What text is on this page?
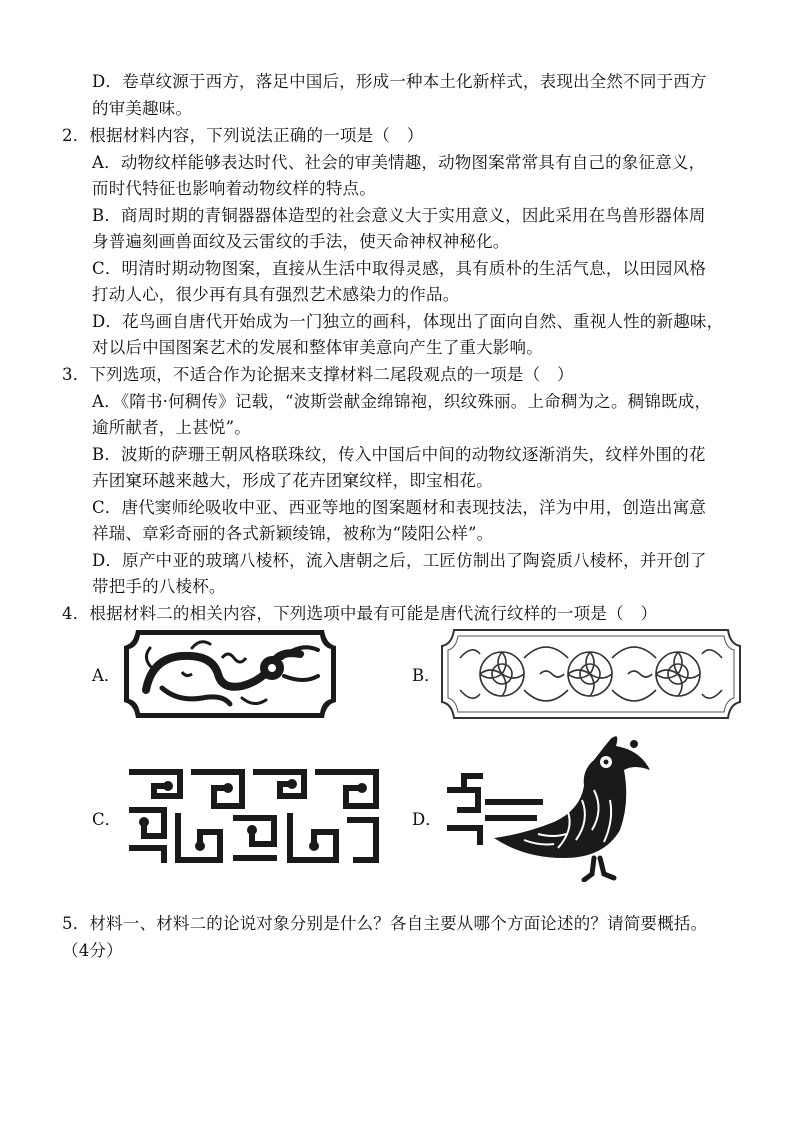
D．卷草纹源于西方，落足中国后，形成一种本土化新样式，表现出全然不同于西方
的审美趣味。
2．根据材料内容，下列说法正确的一项是（　）
A．动物纹样能够表达时代、社会的审美情趣，动物图案常常具有自己的象征意义，
而时代特征也影响着动物纹样的特点。
B．商周时期的青铜器器体造型的社会意义大于实用意义，因此采用在鸟兽形器体周
身普遍刻画兽面纹及云雷纹的手法，使天命神权神秘化。
C．明清时期动物图案，直接从生活中取得灵感，具有质朴的生活气息，以田园风格
打动人心，很少再有具有强烈艺术感染力的作品。
D．花鸟画自唐代开始成为一门独立的画科，体现出了面向自然、重视人性的新趣味，
对以后中国图案艺术的发展和整体审美意向产生了重大影响。
3．下列选项，不适合作为论据来支撑材料二尾段观点的一项是（　）
A．《隋书·何稠传》记载，“波斯尝献金绵锦袍，织纹殊丽。上命稠为之。稠锦既成，
逾所献者，上甚悦”。
B．波斯的萨珊王朝风格联珠纹，传入中国后中间的动物纹逐渐消失，纹样外围的花
卉团窠环越来越大，形成了花卉团窠纹样，即宝相花。
C．唐代窦师纶吸收中亚、西亚等地的图案题材和表现技法，洋为中用，创造出寓意
祥瑞、章彩奇丽的各式新颖绫锦，被称为“陵阳公样”。
D．原产中亚的玻璃八棱杯，流入唐朝之后，工匠仿制出了陶瓷质八棱杯，并开创了
带把手的八棱杯。
4．根据材料二的相关内容，下列选项中最有可能是唐代流行纹样的一项是（　）
A．	B．
C．	D．
5．材料一、材料二的论说对象分别是什么？各自主要从哪个方面论述的？请简要概括。
（4分）
